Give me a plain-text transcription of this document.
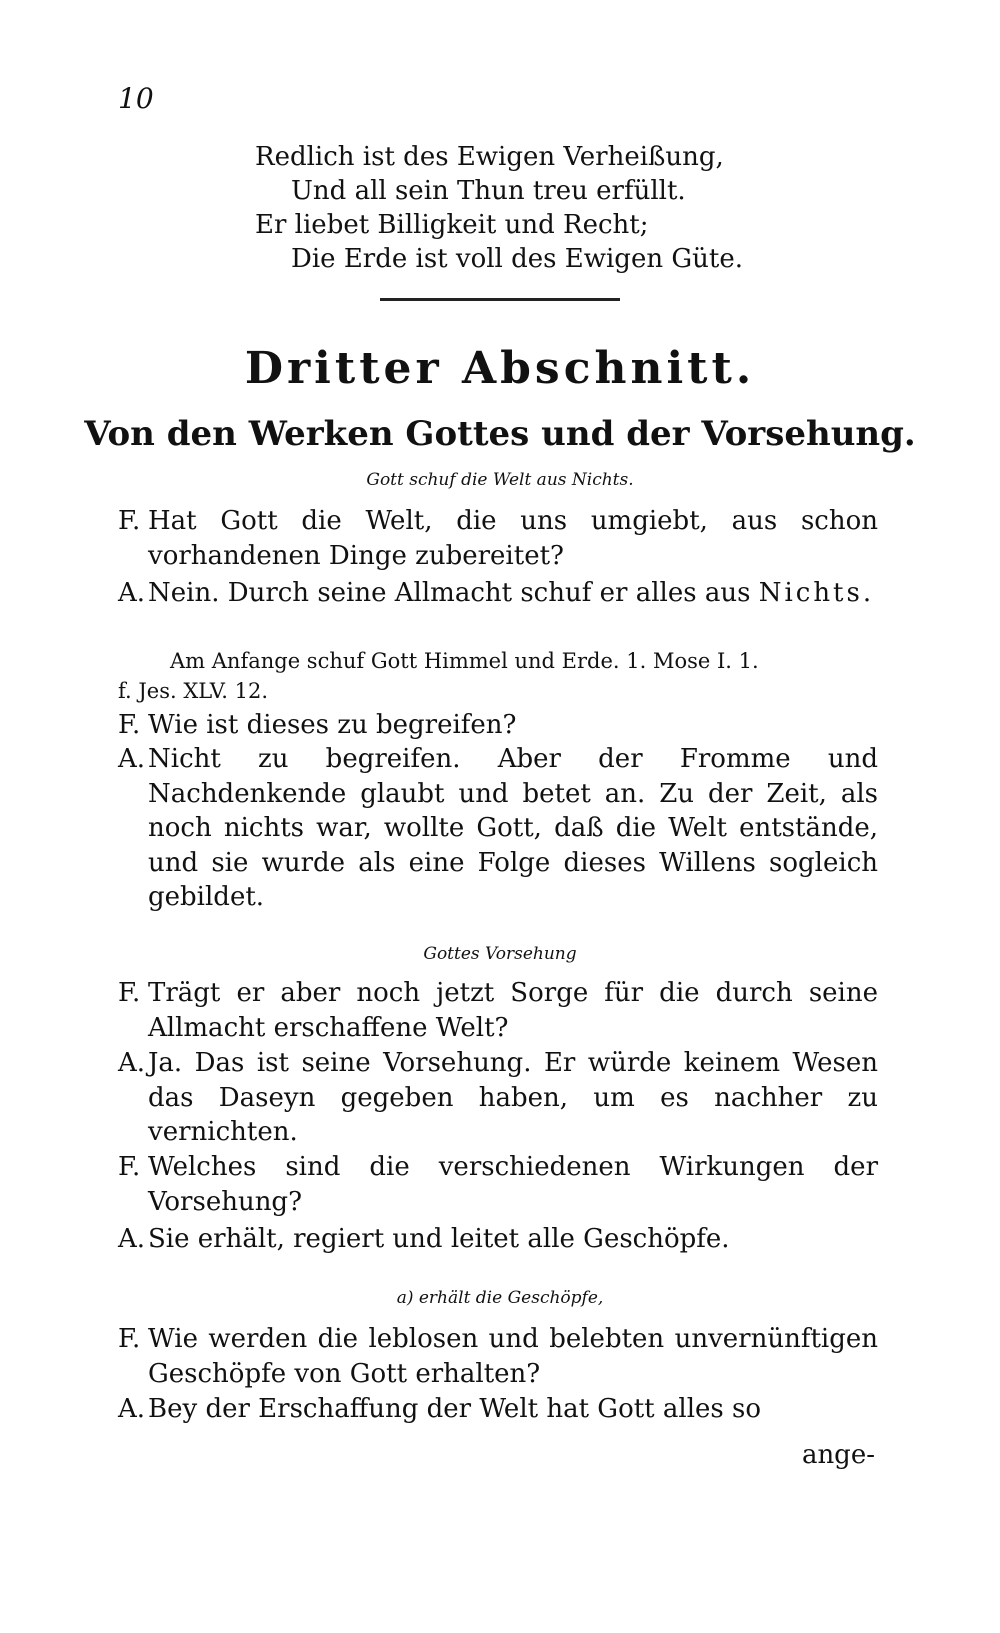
10
Redlich ist des Ewigen Verheißung,
Und all sein Thun treu erfüllt.
Er liebet Billigkeit und Recht;
Die Erde ist voll des Ewigen Güte.
Dritter Abschnitt.
Von den Werken Gottes und der Vorsehung.
Gott schuf die Welt aus Nichts.
F. Hat Gott die Welt, die uns umgiebt, aus schon vorhandenen Dinge zubereitet?
A. Nein. Durch seine Allmacht schuf er alles aus Nichts.
Am Anfange schuf Gott Himmel und Erde. 1. Mose I. 1.
f. Jes. XLV. 12.
F. Wie ist dieses zu begreifen?
A. Nicht zu begreifen. Aber der Fromme und Nachdenkende glaubt und betet an. Zu der Zeit, als noch nichts war, wollte Gott, daß die Welt entstände, und sie wurde als eine Folge dieses Willens sogleich gebildet.
Gottes Vorsehung
F. Trägt er aber noch jetzt Sorge für die durch seine Allmacht erschaffene Welt?
A. Ja. Das ist seine Vorsehung. Er würde keinem Wesen das Daseyn gegeben haben, um es nachher zu vernichten.
F. Welches sind die verschiedenen Wirkungen der Vorsehung?
A. Sie erhält, regiert und leitet alle Geschöpfe.
a) erhält die Geschöpfe,
F. Wie werden die leblosen und belebten unvernünftigen Geschöpfe von Gott erhalten?
A. Bey der Erschaffung der Welt hat Gott alles so
ange-
